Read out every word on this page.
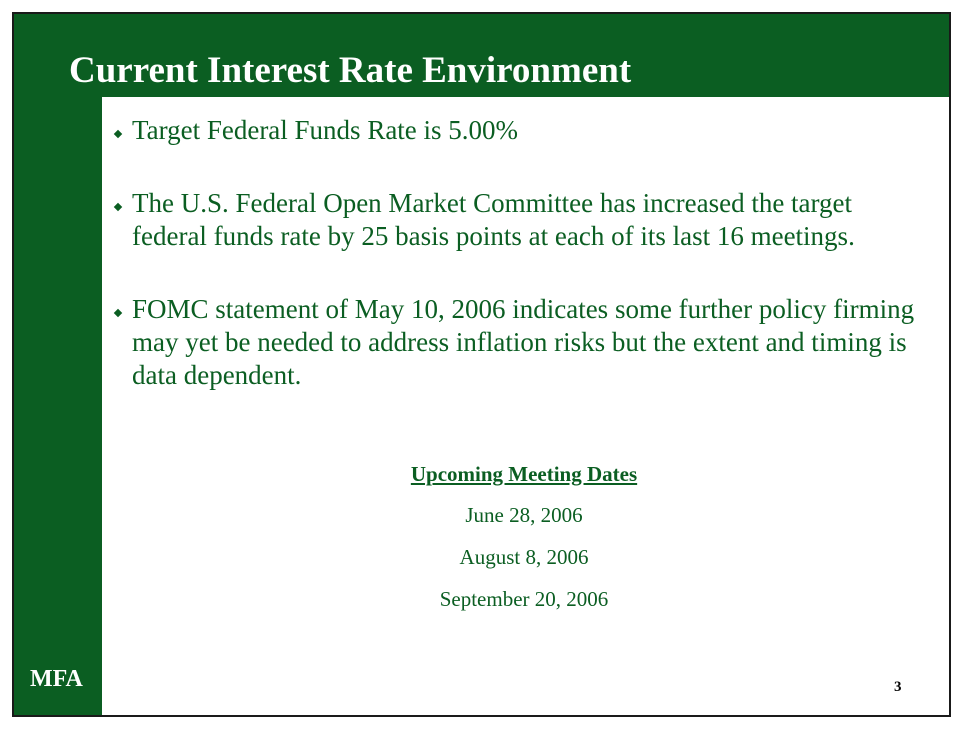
Current Interest Rate Environment
Target Federal Funds Rate is 5.00%
The U.S. Federal Open Market Committee has increased the target federal funds rate by 25 basis points at each of its last 16 meetings.
FOMC statement of May 10, 2006 indicates some further policy firming may yet be needed to address inflation risks but the extent and timing is data dependent.
Upcoming Meeting Dates
June 28, 2006
August 8, 2006
September 20, 2006
MFA	3
